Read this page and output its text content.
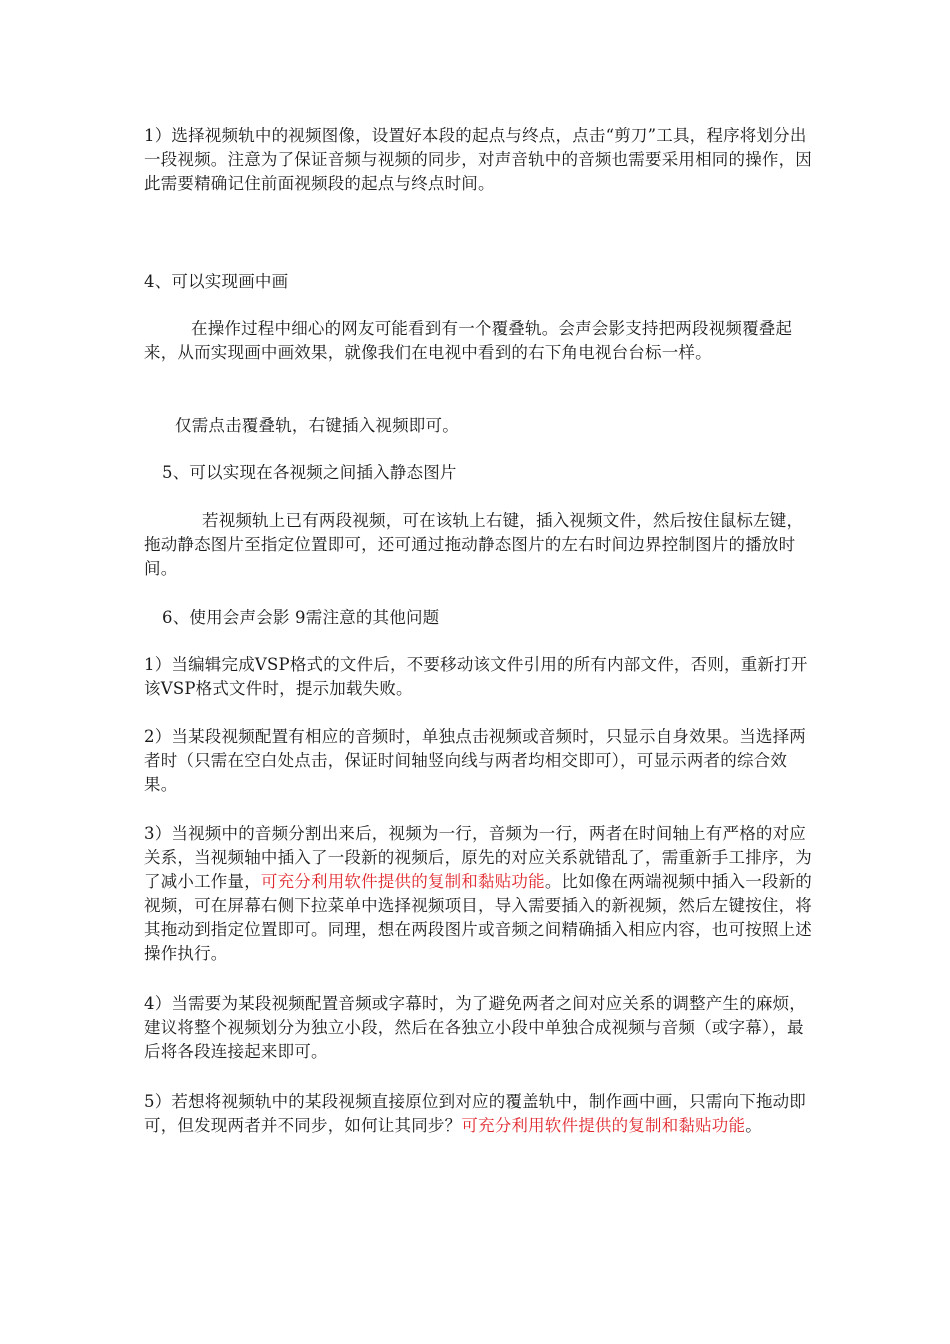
1）选择视频轨中的视频图像，设置好本段的起点与终点，点击“剪刀”工具，程序将划分出一段视频。注意为了保证音频与视频的同步，对声音轨中的音频也需要采用相同的操作，因此需要精确记住前面视频段的起点与终点时间。

4、可以实现画中画

在操作过程中细心的网友可能看到有一个覆叠轨。会声会影支持把两段视频覆叠起来，从而实现画中画效果，就像我们在电视中看到的右下角电视台台标一样。

仅需点击覆叠轨，右键插入视频即可。

5、可以实现在各视频之间插入静态图片

若视频轨上已有两段视频，可在该轨上右键，插入视频文件，然后按住鼠标左键，拖动静态图片至指定位置即可，还可通过拖动静态图片的左右时间边界控制图片的播放时间。

6、使用会声会影 9需注意的其他问题

1）当编辑完成VSP格式的文件后，不要移动该文件引用的所有内部文件，否则，重新打开该VSP格式文件时，提示加载失败。

2）当某段视频配置有相应的音频时，单独点击视频或音频时，只显示自身效果。当选择两者时（只需在空白处点击，保证时间轴竖向线与两者均相交即可），可显示两者的综合效果。

3）当视频中的音频分割出来后，视频为一行，音频为一行，两者在时间轴上有严格的对应关系，当视频轴中插入了一段新的视频后，原先的对应关系就错乱了，需重新手工排序，为了减小工作量，可充分利用软件提供的复制和黏贴功能。比如像在两端视频中插入一段新的视频，可在屏幕右侧下拉菜单中选择视频项目，导入需要插入的新视频，然后左键按住，将其拖动到指定位置即可。同理，想在两段图片或音频之间精确插入相应内容，也可按照上述操作执行。

4）当需要为某段视频配置音频或字幕时，为了避免两者之间对应关系的调整产生的麻烦，建议将整个视频划分为独立小段，然后在各独立小段中单独合成视频与音频（或字幕），最后将各段连接起来即可。

5）若想将视频轨中的某段视频直接原位到对应的覆盖轨中，制作画中画，只需向下拖动即可，但发现两者并不同步，如何让其同步？可充分利用软件提供的复制和黏贴功能。
